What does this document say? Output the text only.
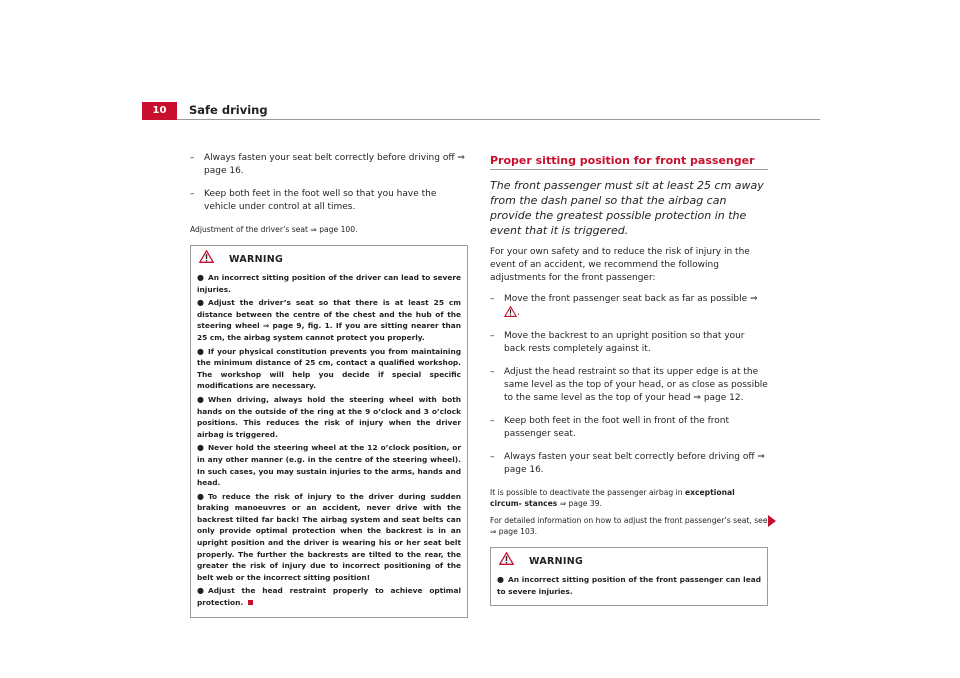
10	Safe driving
– Always fasten your seat belt correctly before driving off ⇒ page 16.
– Keep both feet in the foot well so that you have the vehicle under control at all times.
Adjustment of the driver’s seat ⇒ page 100.
WARNING
● An incorrect sitting position of the driver can lead to severe injuries.
● Adjust the driver’s seat so that there is at least 25 cm distance between the centre of the chest and the hub of the steering wheel ⇒ page 9, fig. 1. If you are sitting nearer than 25 cm, the airbag system cannot protect you properly.
● If your physical constitution prevents you from maintaining the minimum distance of 25 cm, contact a qualified workshop. The workshop will help you decide if special specific modifications are necessary.
● When driving, always hold the steering wheel with both hands on the outside of the ring at the 9 o’clock and 3 o’clock positions. This reduces the risk of injury when the driver airbag is triggered.
● Never hold the steering wheel at the 12 o’clock position, or in any other manner (e.g. in the centre of the steering wheel). In such cases, you may sustain injuries to the arms, hands and head.
● To reduce the risk of injury to the driver during sudden braking manoeuvres or an accident, never drive with the backrest tilted far back! The airbag system and seat belts can only provide optimal protection when the backrest is in an upright position and the driver is wearing his or her seat belt properly. The further the backrests are tilted to the rear, the greater the risk of injury due to incorrect positioning of the belt web or the incorrect sitting position!
● Adjust the head restraint properly to achieve optimal protection.
Proper sitting position for front passenger
The front passenger must sit at least 25 cm away from the dash panel so that the airbag can provide the greatest possible protection in the event that it is triggered.
For your own safety and to reduce the risk of injury in the event of an accident, we recommend the following adjustments for the front passenger:
– Move the front passenger seat back as far as possible ⇒ .
– Move the backrest to an upright position so that your back rests completely against it.
– Adjust the head restraint so that its upper edge is at the same level as the top of your head, or as close as possible to the same level as the top of your head ⇒ page 12.
– Keep both feet in the foot well in front of the front passenger seat.
– Always fasten your seat belt correctly before driving off ⇒ page 16.
It is possible to deactivate the passenger airbag in exceptional circum- stances ⇒ page 39.
For detailed information on how to adjust the front passenger’s seat, see ⇒ page 103.
WARNING
● An incorrect sitting position of the front passenger can lead to severe injuries.
